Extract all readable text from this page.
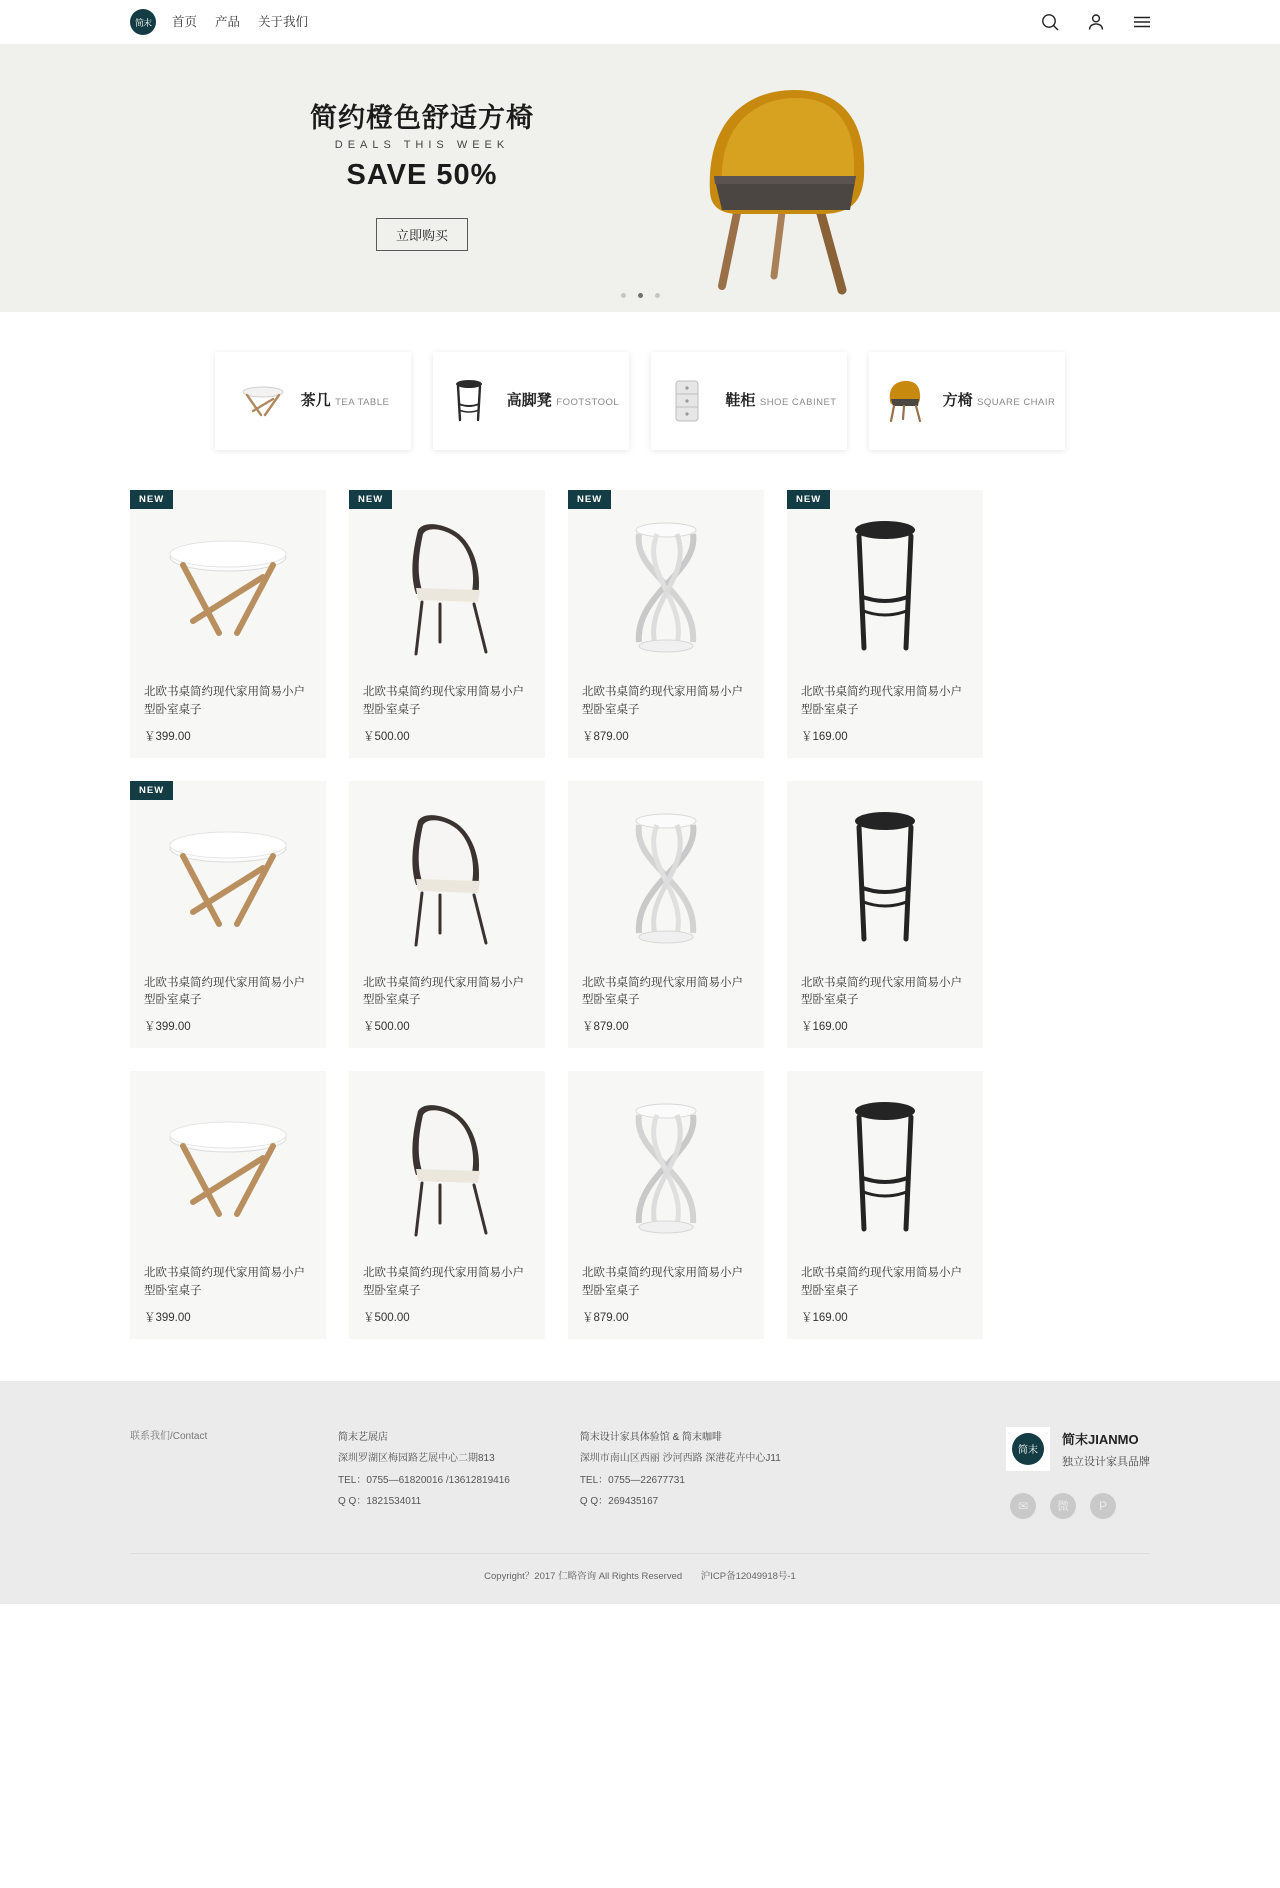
简末 首页 产品 关于我们
简约橙色舒适方椅
DEALS THIS WEEK
SAVE 50%
立即购买
茶几 TEA TABLE	高脚凳 FOOTSTOOL	鞋柜 SHOE CABINET	方椅 SQUARE CHAIR
NEW
北欧书桌简约现代家用简易小户型卧室桌子
￥399.00
NEW
北欧书桌简约现代家用简易小户型卧室桌子
￥500.00
NEW
北欧书桌简约现代家用简易小户型卧室桌子
￥879.00
NEW
北欧书桌简约现代家用简易小户型卧室桌子
￥169.00
NEW
北欧书桌简约现代家用简易小户型卧室桌子
￥399.00
北欧书桌简约现代家用简易小户型卧室桌子
￥500.00
北欧书桌简约现代家用简易小户型卧室桌子
￥879.00
北欧书桌简约现代家用简易小户型卧室桌子
￥169.00
北欧书桌简约现代家用简易小户型卧室桌子
￥399.00
北欧书桌简约现代家用简易小户型卧室桌子
￥500.00
北欧书桌简约现代家用简易小户型卧室桌子
￥879.00
北欧书桌简约现代家用简易小户型卧室桌子
￥169.00
联系我们/Contact	简末艺展店
深圳罗湖区梅园路艺展中心二期813
TEL：0755—61820016 /13612819416
Q Q：1821534011
简末设计家具体验馆 & 简末咖啡
深圳市南山区西丽 沙河西路 深港花卉中心J11
TEL：0755—22677731
Q Q：269435167
简末
简末JIANMO
独立设计家具品牌
✉	微	P
Copyright？2017 仁略咨询 All Rights Reserved 沪ICP备12049918号-1
